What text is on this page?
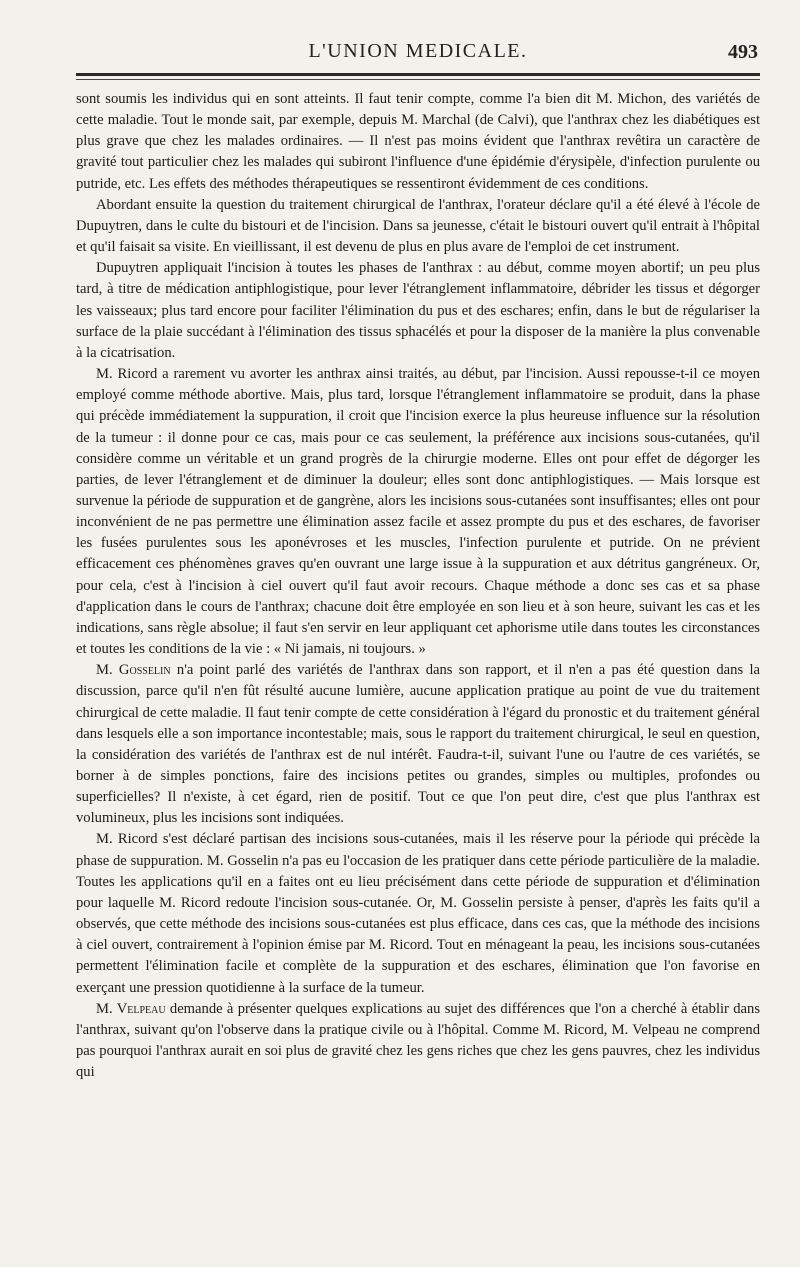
L'UNION MEDICALE.	493

sont soumis les individus qui en sont atteints. Il faut tenir compte, comme l'a bien dit M. Michon, des variétés de cette maladie. Tout le monde sait, par exemple, depuis M. Marchal (de Calvi), que l'anthrax chez les diabétiques est plus grave que chez les malades ordinaires. — Il n'est pas moins évident que l'anthrax revêtira un caractère de gravité tout particulier chez les malades qui subiront l'influence d'une épidémie d'érysipèle, d'infection purulente ou putride, etc. Les effets des méthodes thérapeutiques se ressentiront évidemment de ces conditions.

Abordant ensuite la question du traitement chirurgical de l'anthrax, l'orateur déclare qu'il a été élevé à l'école de Dupuytren, dans le culte du bistouri et de l'incision. Dans sa jeunesse, c'était le bistouri ouvert qu'il entrait à l'hôpital et qu'il faisait sa visite. En vieillissant, il est devenu de plus en plus avare de l'emploi de cet instrument.

Dupuytren appliquait l'incision à toutes les phases de l'anthrax : au début, comme moyen abortif; un peu plus tard, à titre de médication antiphlogistique, pour lever l'étranglement inflammatoire, débrider les tissus et dégorger les vaisseaux; plus tard encore pour faciliter l'élimination du pus et des eschares; enfin, dans le but de régulariser la surface de la plaie succédant à l'élimination des tissus sphacélés et pour la disposer de la manière la plus convenable à la cicatrisation.

M. Ricord a rarement vu avorter les anthrax ainsi traités, au début, par l'incision. Aussi repousse-t-il ce moyen employé comme méthode abortive. Mais, plus tard, lorsque l'étranglement inflammatoire se produit, dans la phase qui précède immédiatement la suppuration, il croit que l'incision exerce la plus heureuse influence sur la résolution de la tumeur : il donne pour ce cas, mais pour ce cas seulement, la préférence aux incisions sous-cutanées, qu'il considère comme un véritable et un grand progrès de la chirurgie moderne. Elles ont pour effet de dégorger les parties, de lever l'étranglement et de diminuer la douleur; elles sont donc antiphlogistiques. — Mais lorsque est survenue la période de suppuration et de gangrène, alors les incisions sous-cutanées sont insuffisantes; elles ont pour inconvénient de ne pas permettre une élimination assez facile et assez prompte du pus et des eschares, de favoriser les fusées purulentes sous les aponévroses et les muscles, l'infection purulente et putride. On ne prévient efficacement ces phénomènes graves qu'en ouvrant une large issue à la suppuration et aux détritus gangréneux. Or, pour cela, c'est à l'incision à ciel ouvert qu'il faut avoir recours. Chaque méthode a donc ses cas et sa phase d'application dans le cours de l'anthrax; chacune doit être employée en son lieu et à son heure, suivant les cas et les indications, sans règle absolue; il faut s'en servir en leur appliquant cet aphorisme utile dans toutes les circonstances et toutes les conditions de la vie : « Ni jamais, ni toujours. »

M. Gosselin n'a point parlé des variétés de l'anthrax dans son rapport, et il n'en a pas été question dans la discussion, parce qu'il n'en fût résulté aucune lumière, aucune application pratique au point de vue du traitement chirurgical de cette maladie. Il faut tenir compte de cette considération à l'égard du pronostic et du traitement général dans lesquels elle a son importance incontestable; mais, sous le rapport du traitement chirurgical, le seul en question, la considération des variétés de l'anthrax est de nul intérêt. Faudra-t-il, suivant l'une ou l'autre de ces variétés, se borner à de simples ponctions, faire des incisions petites ou grandes, simples ou multiples, profondes ou superficielles? Il n'existe, à cet égard, rien de positif. Tout ce que l'on peut dire, c'est que plus l'anthrax est volumineux, plus les incisions sont indiquées.

M. Ricord s'est déclaré partisan des incisions sous-cutanées, mais il les réserve pour la période qui précède la phase de suppuration. M. Gosselin n'a pas eu l'occasion de les pratiquer dans cette période particulière de la maladie. Toutes les applications qu'il en a faites ont eu lieu précisément dans cette période de suppuration et d'élimination pour laquelle M. Ricord redoute l'incision sous-cutanée. Or, M. Gosselin persiste à penser, d'après les faits qu'il a observés, que cette méthode des incisions sous-cutanées est plus efficace, dans ces cas, que la méthode des incisions à ciel ouvert, contrairement à l'opinion émise par M. Ricord. Tout en ménageant la peau, les incisions sous-cutanées permettent l'élimination facile et complète de la suppuration et des eschares, élimination que l'on favorise en exerçant une pression quotidienne à la surface de la tumeur.

M. Velpeau demande à présenter quelques explications au sujet des différences que l'on a cherché à établir dans l'anthrax, suivant qu'on l'observe dans la pratique civile ou à l'hôpital. Comme M. Ricord, M. Velpeau ne comprend pas pourquoi l'anthrax aurait en soi plus de gravité chez les gens riches que chez les gens pauvres, chez les individus qui
